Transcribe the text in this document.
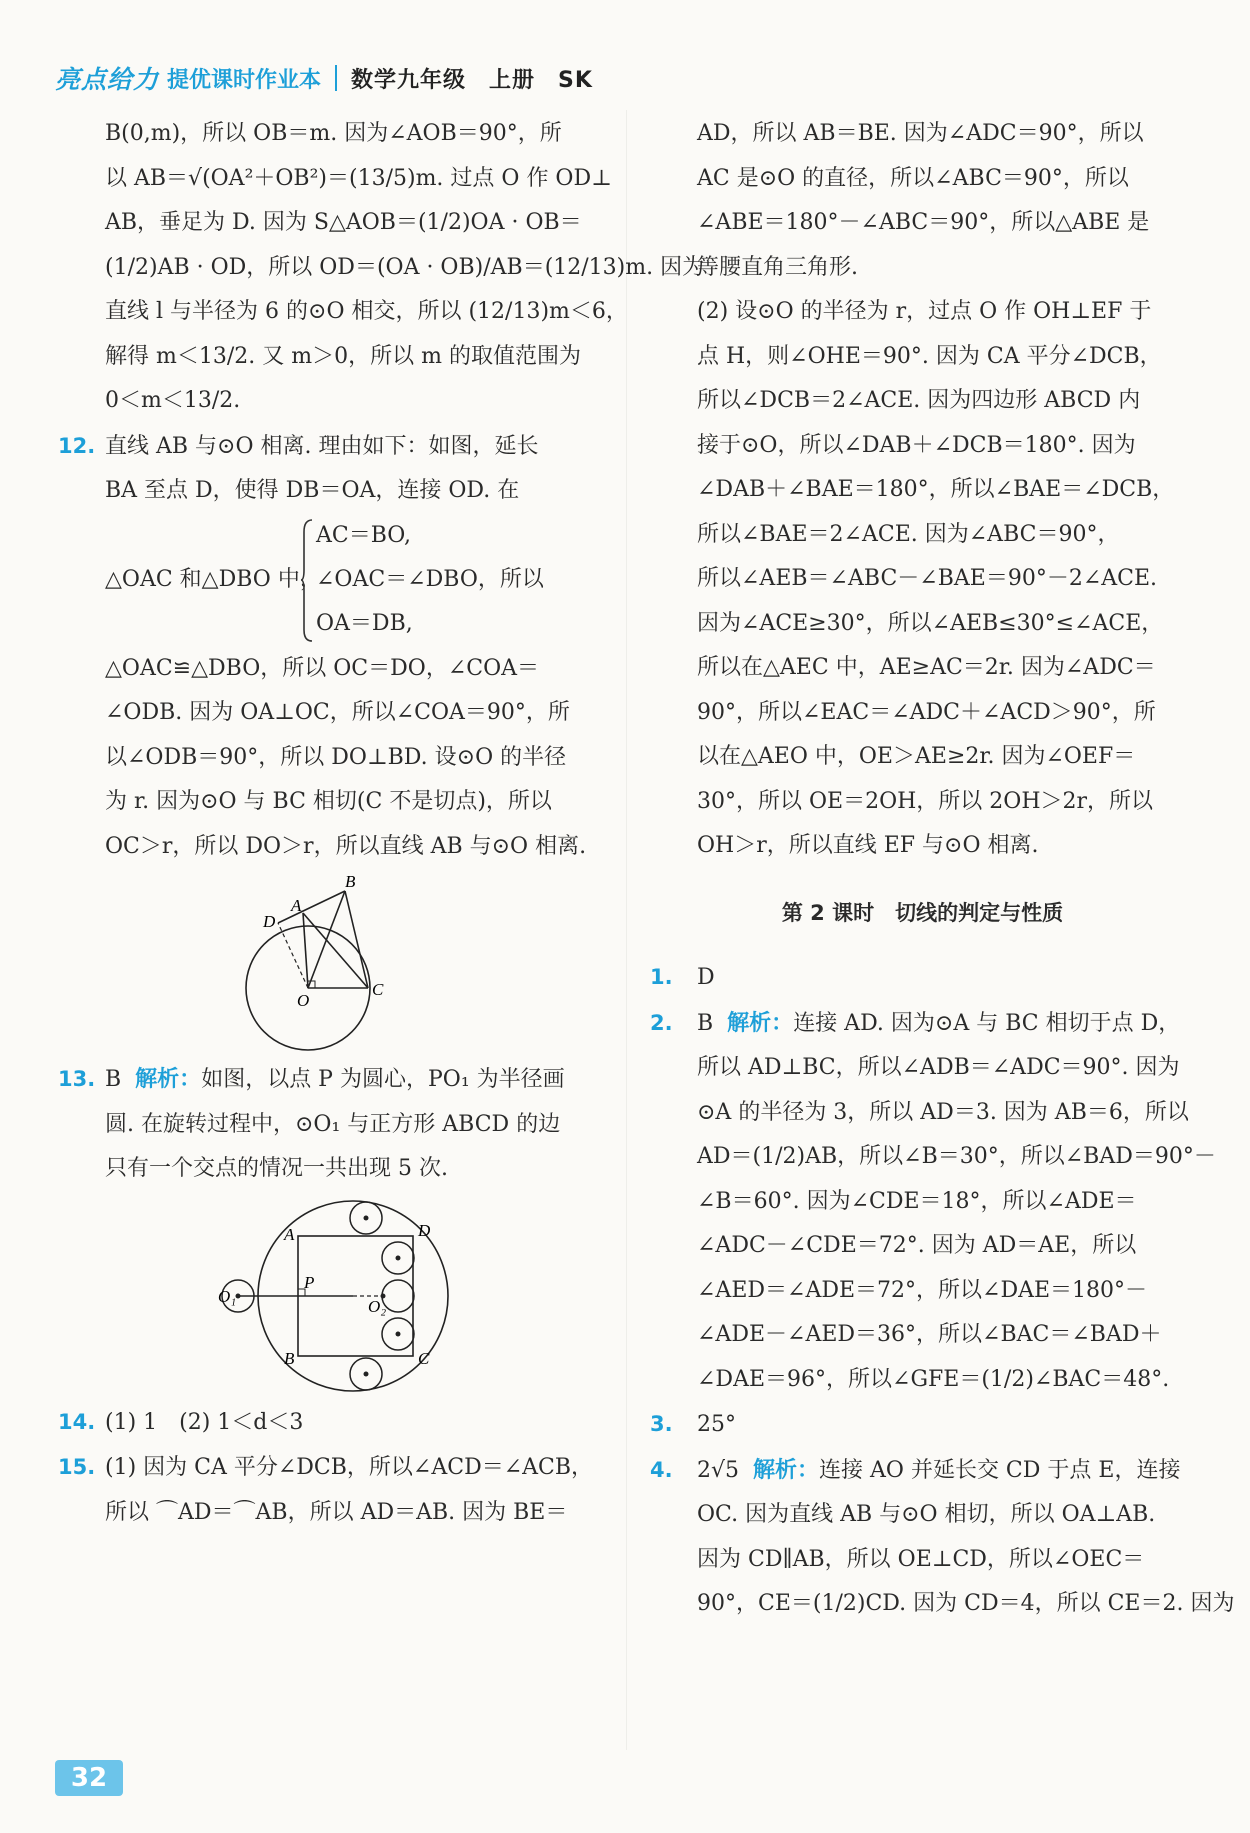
亮点给力 提优课时作业本 数学九年级　上册　SK

B(0,m)，所以 OB＝m. 因为∠AOB＝90°，所

以 AB＝√(OA²＋OB²)＝(13/5)m. 过点 O 作 OD⊥

AB，垂足为 D. 因为 S△AOB＝(1/2)OA · OB＝

(1/2)AB · OD，所以 OD＝(OA · OB)/AB＝(12/13)m. 因为

直线 l 与半径为 6 的⊙O 相交，所以 (12/13)m＜6，

解得 m＜13/2. 又 m＞0，所以 m 的取值范围为

0＜m＜13/2.

12. 直线 AB 与⊙O 相离. 理由如下：如图，延长

BA 至点 D，使得 DB＝OA，连接 OD. 在

△OAC 和△DBO 中，
AC＝BO,
∠OAC＝∠DBO，所以
OA＝DB,

△OAC≌△DBO，所以 OC＝DO，∠COA＝

∠ODB. 因为 OA⊥OC，所以∠COA＝90°，所

以∠ODB＝90°，所以 DO⊥BD. 设⊙O 的半径

为 r. 因为⊙O 与 BC 相切(C 不是切点)，所以

OC＞r，所以 DO＞r，所以直线 AB 与⊙O 相离.

B
A
D
O
C

13. B 解析：如图，以点 P 为圆心，PO₁ 为半径画

圆. 在旋转过程中，⊙O₁ 与正方形 ABCD 的边

只有一个交点的情况一共出现 5 次.

A	D
P
O₁
O₂
B	C

14. (1) 1　(2) 1＜d＜3

15. (1) 因为 CA 平分∠DCB，所以∠ACD＝∠ACB，

所以 ⌒AD＝⌒AB，所以 AD＝AB. 因为 BE＝

AD，所以 AB＝BE. 因为∠ADC＝90°，所以

AC 是⊙O 的直径，所以∠ABC＝90°，所以

∠ABE＝180°－∠ABC＝90°，所以△ABE 是

等腰直角三角形.

(2) 设⊙O 的半径为 r，过点 O 作 OH⊥EF 于

点 H，则∠OHE＝90°. 因为 CA 平分∠DCB，

所以∠DCB＝2∠ACE. 因为四边形 ABCD 内

接于⊙O，所以∠DAB＋∠DCB＝180°. 因为

∠DAB＋∠BAE＝180°，所以∠BAE＝∠DCB，

所以∠BAE＝2∠ACE. 因为∠ABC＝90°，

所以∠AEB＝∠ABC－∠BAE＝90°－2∠ACE.

因为∠ACE≥30°，所以∠AEB≤30°≤∠ACE，

所以在△AEC 中，AE≥AC＝2r. 因为∠ADC＝

90°，所以∠EAC＝∠ADC＋∠ACD＞90°，所

以在△AEO 中，OE＞AE≥2r. 因为∠OEF＝

30°，所以 OE＝2OH，所以 2OH＞2r，所以

OH＞r，所以直线 EF 与⊙O 相离.

第 2 课时　切线的判定与性质

1. D

2. B 解析：连接 AD. 因为⊙A 与 BC 相切于点 D，

所以 AD⊥BC，所以∠ADB＝∠ADC＝90°. 因为

⊙A 的半径为 3，所以 AD＝3. 因为 AB＝6，所以

AD＝(1/2)AB，所以∠B＝30°，所以∠BAD＝90°－

∠B＝60°. 因为∠CDE＝18°，所以∠ADE＝

∠ADC－∠CDE＝72°. 因为 AD＝AE，所以

∠AED＝∠ADE＝72°，所以∠DAE＝180°－

∠ADE－∠AED＝36°，所以∠BAC＝∠BAD＋

∠DAE＝96°，所以∠GFE＝(1/2)∠BAC＝48°.

3. 25°

4. 2√5 解析：连接 AO 并延长交 CD 于点 E，连接

OC. 因为直线 AB 与⊙O 相切，所以 OA⊥AB.

因为 CD∥AB，所以 OE⊥CD，所以∠OEC＝

90°，CE＝(1/2)CD. 因为 CD＝4，所以 CE＝2. 因为

32
